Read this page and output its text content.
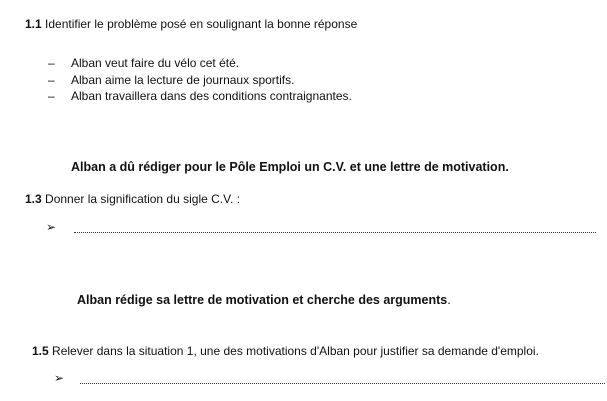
1.1 Identifier le problème posé en soulignant la bonne réponse
–	Alban veut faire du vélo cet été.
–	Alban aime la lecture de journaux sportifs.
–	Alban travaillera dans des conditions contraignantes.
Alban a dû rédiger pour le Pôle Emploi un C.V. et une lettre de motivation.
1.3 Donner la signification du sigle C.V. :
➢
Alban rédige sa lettre de motivation et cherche des arguments.
1.5 Relever dans la situation 1, une des motivations d'Alban pour justifier sa demande d'emploi.
➢
